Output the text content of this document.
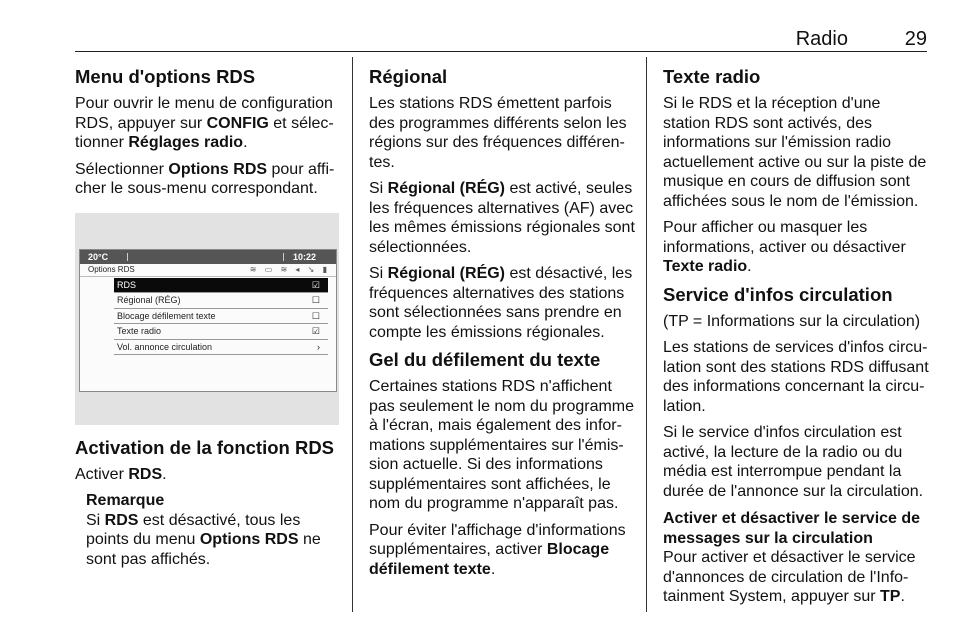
Radio	29
Menu d'options RDS

Pour ouvrir le menu de configuration RDS, appuyer sur CONFIG et sélectionner Réglages radio.

Sélectionner Options RDS pour afficher le sous-menu correspondant.

20°C	10:22
Options RDS	≋ ▭ ≋ ◂ ↘ ▮
RDS	☑
Régional (RÉG)	☐
Blocage défilement texte	☐
Texte radio	☑
Vol. annonce circulation	›
Activation de la fonction RDS

Activer RDS.

Remarque
Si RDS est désactivé, tous les points du menu Options RDS ne sont pas affichés.
Régional

Les stations RDS émettent parfois des programmes différents selon les régions sur des fréquences différentes.

Si Régional (RÉG) est activé, seules les fréquences alternatives (AF) avec les mêmes émissions régionales sont sélectionnées.

Si Régional (RÉG) est désactivé, les fréquences alternatives des stations sont sélectionnées sans prendre en compte les émissions régionales.

Gel du défilement du texte

Certaines stations RDS n'affichent pas seulement le nom du programme à l'écran, mais également des informations supplémentaires sur l'émission actuelle. Si des informations supplémentaires sont affichées, le nom du programme n'apparaît pas.

Pour éviter l'affichage d'informations supplémentaires, activer Blocage défilement texte.

Texte radio

Si le RDS et la réception d'une station RDS sont activés, des informations sur l'émission radio actuellement active ou sur la piste de musique en cours de diffusion sont affichées sous le nom de l'émission.

Pour afficher ou masquer les informations, activer ou désactiver Texte radio.

Service d'infos circulation

(TP = Informations sur la circulation)

Les stations de services d'infos circulation sont des stations RDS diffusant des informations concernant la circulation.

Si le service d'infos circulation est activé, la lecture de la radio ou du média est interrompue pendant la durée de l'annonce sur la circulation.

Activer et désactiver le service de messages sur la circulation

Pour activer et désactiver le service d'annonces de circulation de l'Infotainment System, appuyer sur TP.
